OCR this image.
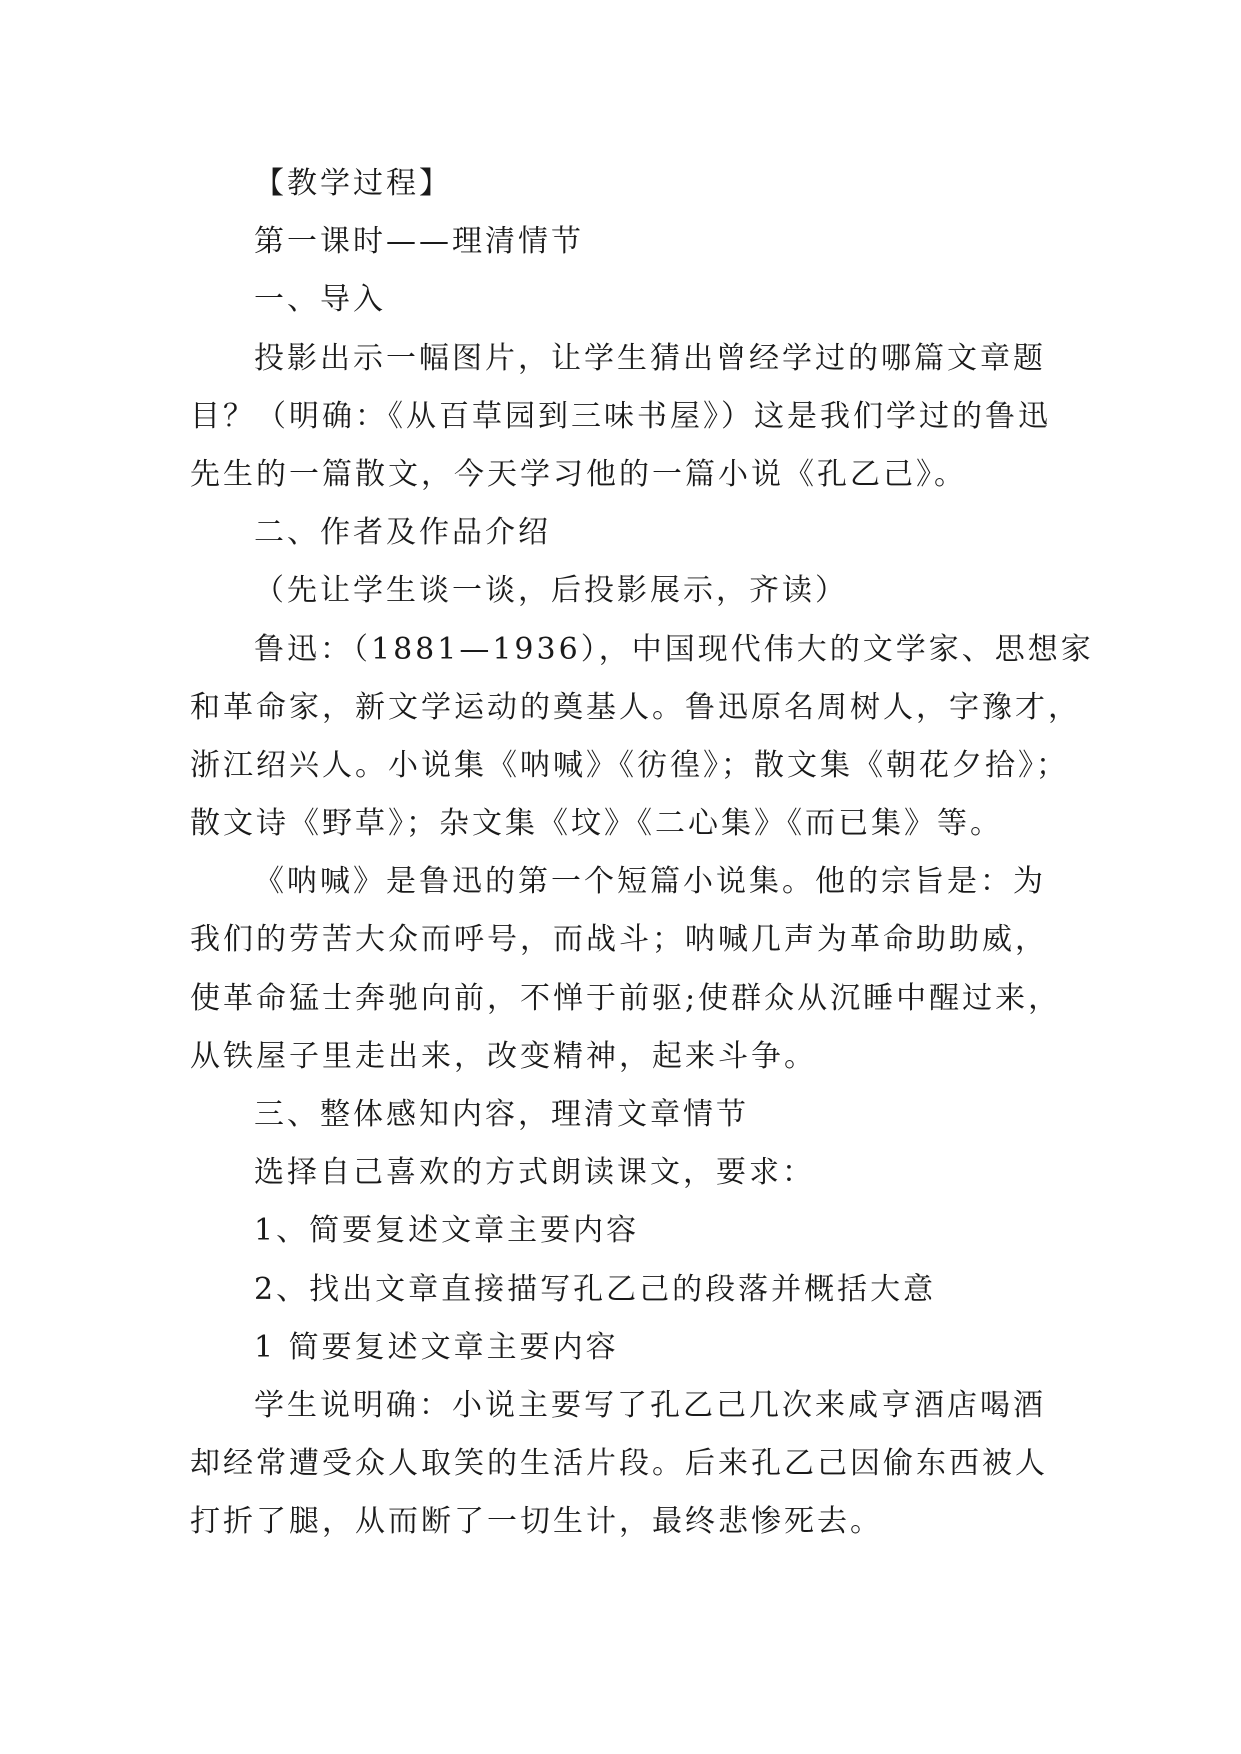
【教学过程】
第一课时——理清情节
一、导入
投影出示一幅图片，让学生猜出曾经学过的哪篇文章题
目？（明确：《从百草园到三味书屋》）这是我们学过的鲁迅
先生的一篇散文，今天学习他的一篇小说《孔乙己》。
二、作者及作品介绍
（先让学生谈一谈，后投影展示，齐读）
鲁迅：（1881—1936），中国现代伟大的文学家、思想家
和革命家，新文学运动的奠基人。鲁迅原名周树人，字豫才，
浙江绍兴人。小说集《呐喊》《彷徨》；散文集《朝花夕拾》；
散文诗《野草》；杂文集《坟》《二心集》《而已集》等。
《呐喊》是鲁迅的第一个短篇小说集。他的宗旨是：为
我们的劳苦大众而呼号，而战斗；呐喊几声为革命助助威，
使革命猛士奔驰向前，不惮于前驱;使群众从沉睡中醒过来，
从铁屋子里走出来，改变精神，起来斗争。
三、整体感知内容，理清文章情节
选择自己喜欢的方式朗读课文，要求：
1、简要复述文章主要内容
2、找出文章直接描写孔乙己的段落并概括大意
1 简要复述文章主要内容
学生说明确：小说主要写了孔乙己几次来咸亨酒店喝酒
却经常遭受众人取笑的生活片段。后来孔乙己因偷东西被人
打折了腿，从而断了一切生计，最终悲惨死去。
